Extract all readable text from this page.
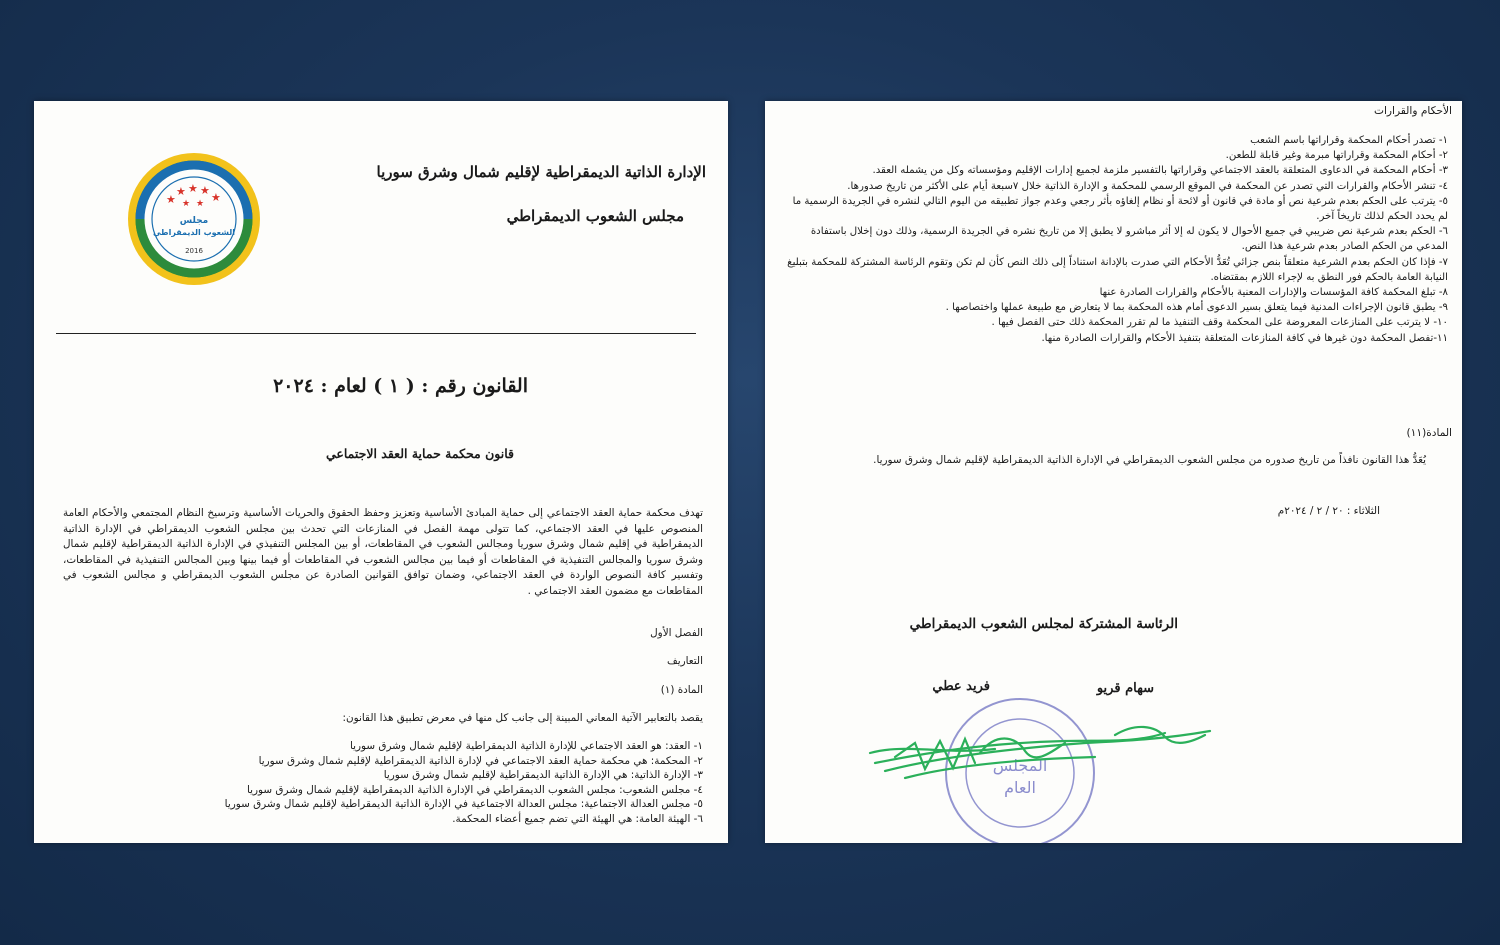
★
★ ★ ★
★
★ ★
مجلس
الشعوب الديمقراطي
2016
الإدارة الذاتية الديمقراطية لإقليم شمال وشرق سوريا
مجلس الشعوب الديمقراطي
القانون رقم : ( ١ ) لعام : ٢٠٢٤
قانون محكمة حماية العقد الاجتماعي
تهدف محكمة حماية العقد الاجتماعي إلى حماية المبادئ الأساسية وتعزيز وحفظ الحقوق والحريات الأساسية وترسيخ النظام المجتمعي والأحكام العامة المنصوص عليها في العقد الاجتماعي، كما تتولى مهمة الفصل في المنازعات التي تحدث بين مجلس الشعوب الديمقراطي في الإدارة الذاتية الديمقراطية في إقليم شمال وشرق سوريا ومجالس الشعوب في المقاطعات، أو بين المجلس التنفيذي في الإدارة الذاتية الديمقراطية لإقليم شمال وشرق سوريا والمجالس التنفيذية في المقاطعات أو فيما بين مجالس الشعوب في المقاطعات أو فيما بينها وبين المجالس التنفيذية في المقاطعات، وتفسير كافة النصوص الواردة في العقد الاجتماعي، وضمان توافق القوانين الصادرة عن مجلس الشعوب الديمقراطي و مجالس الشعوب في المقاطعات مع مضمون العقد الاجتماعي .
الفصل الأول
التعاريف
المادة (١)
يقصد بالتعابير الآتية المعاني المبينة إلى جانب كل منها في معرض تطبيق هذا القانون:
١- العقد: هو العقد الاجتماعي للإدارة الذاتية الديمقراطية لإقليم شمال وشرق سوريا
٢- المحكمة: هي محكمة حماية العقد الاجتماعي في لإدارة الذاتية الديمقراطية لإقليم شمال وشرق سوريا
٣- الإدارة الذاتية: هي الإدارة الذاتية الديمقراطية لإقليم شمال وشرق سوريا
٤- مجلس الشعوب: مجلس الشعوب الديمقراطي في الإدارة الذاتية الديمقراطية لإقليم شمال وشرق سوريا
٥- مجلس العدالة الاجتماعية: مجلس العدالة الاجتماعية في الإدارة الذاتية الديمقراطية لإقليم شمال وشرق سوريا
٦- الهيئة العامة: هي الهيئة التي تضم جميع أعضاء المحكمة.
الأحكام والقرارات
١- تصدر أحكام المحكمة وقراراتها باسم الشعب
٢- أحكام المحكمة وقراراتها مبرمة وغير قابلة للطعن.
٣- أحكام المحكمة في الدعاوى المتعلقة بالعقد الاجتماعي وقراراتها بالتفسير ملزمة لجميع إدارات الإقليم ومؤسساته وكل من يشمله العقد.
٤- تنشر الأحكام والقرارات التي تصدر عن المحكمة في الموقع الرسمي للمحكمة و الإدارة الذاتية خلال ٧سبعة أيام على الأكثر من تاريخ صدورها.
٥- يترتب على الحكم بعدم شرعية نص أو مادة في قانون أو لائحة أو نظام إلغاؤه بأثر رجعي وعدم جواز تطبيقه من اليوم التالي لنشره في الجريدة الرسمية ما لم يحدد الحكم لذلك تاريخاً آخر.
٦- الحكم بعدم شرعية نص ضريبي في جميع الأحوال لا يكون له إلا أثر مباشرو لا يطبق إلا من تاريخ نشره في الجريدة الرسمية، وذلك دون إخلال باستفادة المدعي من الحكم الصادر بعدم شرعية هذا النص.
٧- فإذا كان الحكم بعدم الشرعية متعلقاً بنص جزائي تُعَدُّ الأحكام التي صدرت بالإدانة استناداً إلى ذلك النص كأن لم تكن وتقوم الرئاسة المشتركة للمحكمة بتبليغ النيابة العامة بالحكم فور النطق به لإجراء اللازم بمقتضاه.
٨- تبلغ المحكمة كافة المؤسسات والإدارات المعنية بالأحكام والقرارات الصادرة عنها
٩- يطبق قانون الإجراءات المدنية فيما يتعلق بسير الدعوى أمام هذه المحكمة بما لا يتعارض مع طبيعة عملها واختصاصها .
١٠- لا يترتب على المنازعات المعروضة على المحكمة وقف التنفيذ ما لم تقرر المحكمة ذلك حتى الفصل فيها .
١١-تفصل المحكمة دون غيرها في كافة المنازعات المتعلقة بتنفيذ الأحكام والقرارات الصادرة منها.
المادة(١١)
يُعَدُّ هذا القانون نافذاً من تاريخ صدوره من مجلس الشعوب الديمقراطي في الإدارة الذاتية الديمقراطية لإقليم شمال وشرق سوريا.
الثلاثاء : ٢٠ / ٢ / ٢٠٢٤م
الرئاسة المشتركة لمجلس الشعوب الديمقراطي
سهام قريو
فريد عطي
المجلس
العام
